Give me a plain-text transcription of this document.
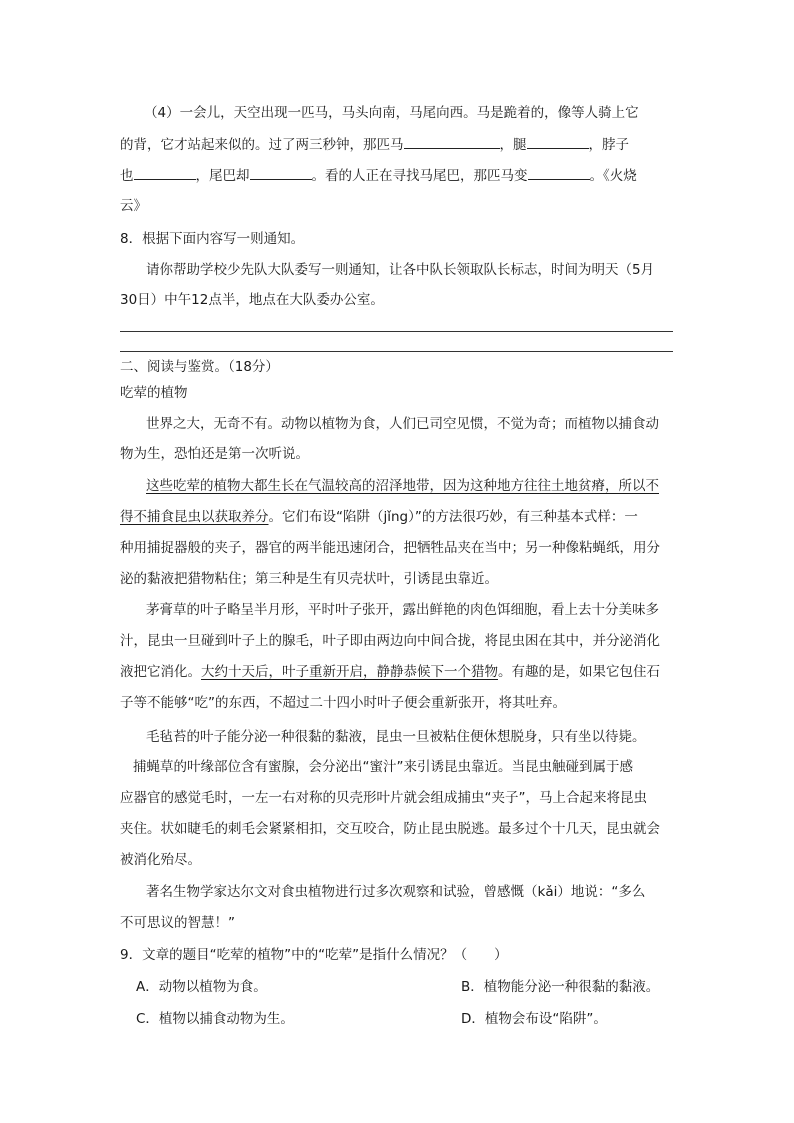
（4）一会儿，天空出现一匹马，马头向南，马尾向西。马是跪着的，像等人骑上它
的背，它才站起来似的。过了两三秒钟，那匹马	，腿	，脖子
也	，尾巴却	。看的人正在寻找马尾巴，那匹马变	。《火烧
云》
8．根据下面内容写一则通知。
请你帮助学校少先队大队委写一则通知，让各中队长领取队长标志，时间为明天（5月
30日）中午12点半，地点在大队委办公室。
二、阅读与鉴赏。（18分）
吃荤的植物
世界之大，无奇不有。动物以植物为食，人们已司空见惯，不觉为奇；而植物以捕食动
物为生，恐怕还是第一次听说。
这些吃荤的植物大都生长在气温较高的沼泽地带，因为这种地方往往土地贫瘠，所以不
得不捕食昆虫以获取养分。它们布设“陷阱（jǐng）”的方法很巧妙，有三种基本式样：一
种用捕捉器般的夹子，器官的两半能迅速闭合，把牺牲品夹在当中；另一种像粘蝇纸，用分
泌的黏液把猎物粘住；第三种是生有贝壳状叶，引诱昆虫靠近。
茅膏草的叶子略呈半月形，平时叶子张开，露出鲜艳的肉色饵细胞，看上去十分美味多
汁，昆虫一旦碰到叶子上的腺毛，叶子即由两边向中间合拢，将昆虫困在其中，并分泌消化
液把它消化。大约十天后，叶子重新开启，静静恭候下一个猎物。有趣的是，如果它包住石
子等不能够“吃”的东西，不超过二十四小时叶子便会重新张开，将其吐弃。
毛毡苔的叶子能分泌一种很黏的黏液，昆虫一旦被粘住便休想脱身，只有坐以待毙。
捕蝇草的叶缘部位含有蜜腺，会分泌出“蜜汁”来引诱昆虫靠近。当昆虫触碰到属于感
应器官的感觉毛时，一左一右对称的贝壳形叶片就会组成捕虫“夹子”，马上合起来将昆虫
夹住。状如睫毛的刺毛会紧紧相扣，交互咬合，防止昆虫脱逃。最多过个十几天，昆虫就会
被消化殆尽。
著名生物学家达尔文对食虫植物进行过多次观察和试验，曾感慨（kǎi）地说：“多么
不可思议的智慧！”
9．文章的题目“吃荤的植物”中的“吃荤”是指什么情况？（　　）
A．动物以植物为食。	B．植物能分泌一种很黏的黏液。
C．植物以捕食动物为生。	D．植物会布设“陷阱”。
